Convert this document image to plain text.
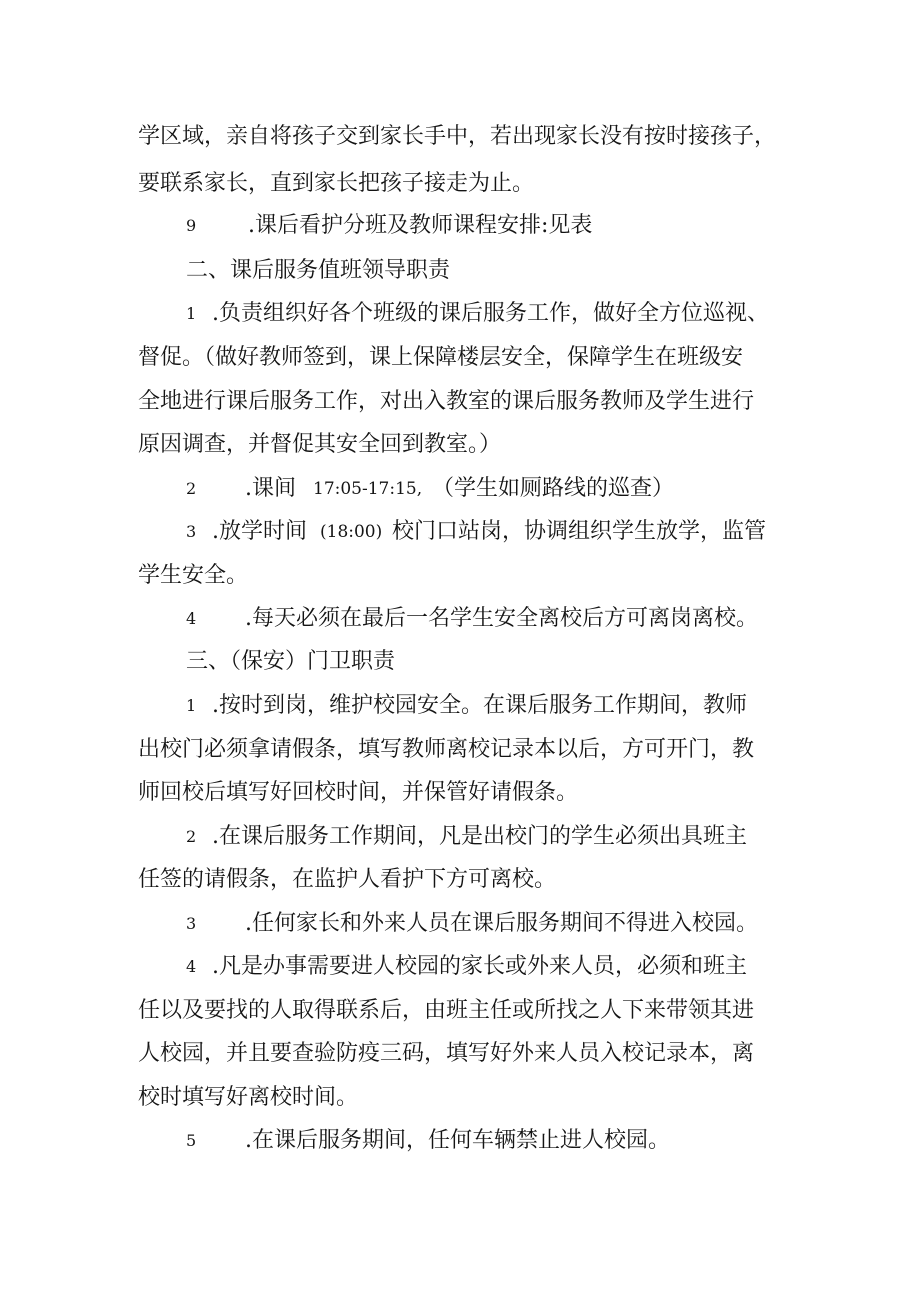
学区域，亲自将孩子交到家长手中，若出现家长没有按时接孩子，
要联系家长，直到家长把孩子接走为止。
9 .课后看护分班及教师课程安排:见表
二、课后服务值班领导职责
1 .负责组织好各个班级的课后服务工作，做好全方位巡视、
督促。（做好教师签到，课上保障楼层安全，保障学生在班级安
全地进行课后服务工作，对出入教室的课后服务教师及学生进行
原因调查，并督促其安全回到教室。）
2 .课间 17:05-17:15, （学生如厕路线的巡查）
3 .放学时间 (18:00) 校门口站岗，协调组织学生放学，监管
学生安全。
4 .每天必须在最后一名学生安全离校后方可离岗离校。
三、（保安）门卫职责
1 .按时到岗，维护校园安全。在课后服务工作期间，教师
出校门必须拿请假条，填写教师离校记录本以后，方可开门，教
师回校后填写好回校时间，并保管好请假条。
2 .在课后服务工作期间，凡是出校门的学生必须出具班主
任签的请假条，在监护人看护下方可离校。
3 .任何家长和外来人员在课后服务期间不得进入校园。
4 .凡是办事需要进人校园的家长或外来人员，必须和班主
任以及要找的人取得联系后，由班主任或所找之人下来带领其进
人校园，并且要查验防疫三码，填写好外来人员入校记录本，离
校时填写好离校时间。
5 .在课后服务期间，任何车辆禁止进人校园。
